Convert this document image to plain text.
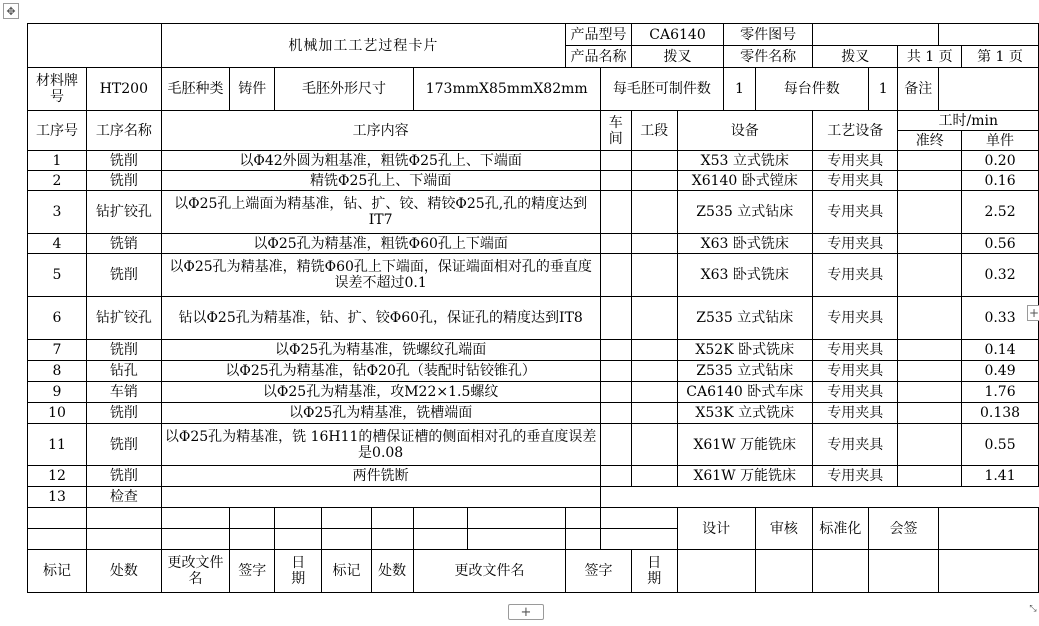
✥
		机械加工工艺过程卡片							产品型号		CA6140		零件图号						
									产品名称		拨叉		零件名称		拨叉		共 1 页		第 1 页
材料牌号	HT200	毛胚种类	铸件	毛胚外形尺寸			173mmX85mmX82mm			每毛胚可制件数			1	每台件数		1	备注		
工序号	工序名称	工序内容								车间	工段	设备			工艺设备		工时/min		
																	准终		单件
1	铣削	以Φ42外圆为粗基准，粗铣Φ25孔上、下端面										X53 立式铣床			专用夹具				0.20
2	铣削	精铣Φ25孔上、下端面										X6140 卧式镗床			专用夹具				0.16
3	钻扩铰孔	以Φ25孔上端面为精基准，钻、扩、铰、精铰Φ25孔,孔的精度达到IT7										Z535 立式钻床			专用夹具				2.52
4	铣销	以Φ25孔为精基准，粗铣Φ60孔上下端面										X63 卧式铣床			专用夹具				0.56
5	铣削	以Φ25孔为精基准，精铣Φ60孔上下端面，保证端面相对孔的垂直度误差不超过0.1										X63 卧式铣床			专用夹具				0.32
6	钻扩铰孔	钻以Φ25孔为精基准，钻、扩、铰Φ60孔，保证孔的精度达到IT8										Z535 立式钻床			专用夹具				0.33
7	铣削	以Φ25孔为精基准，铣螺纹孔端面										X52K 卧式铣床			专用夹具				0.14
8	钻孔	以Φ25孔为精基准，钻Φ20孔（装配时钻铰锥孔）										Z535 立式钻床			专用夹具				0.49
9	车销	以Φ25孔为精基准，攻M22×1.5螺纹										CA6140 卧式车床			专用夹具				1.76
10	铣削	以Φ25孔为精基准，铣槽端面										X53K 立式铣床			专用夹具				0.138
11	铣削	以Φ25孔为精基准，铣 16H11的槽保证槽的侧面相对孔的垂直度误差是0.08										X61W 万能铣床			专用夹具				0.55
12	铣削	两件铣断										X61W 万能铣床			专用夹具				1.41
13	检查																		
												设计		审核	标准化	会签			

标记	处数	更改文件名	签字	日期	标记	处数	更改文件名		签字		日期								
+
+	⤡
